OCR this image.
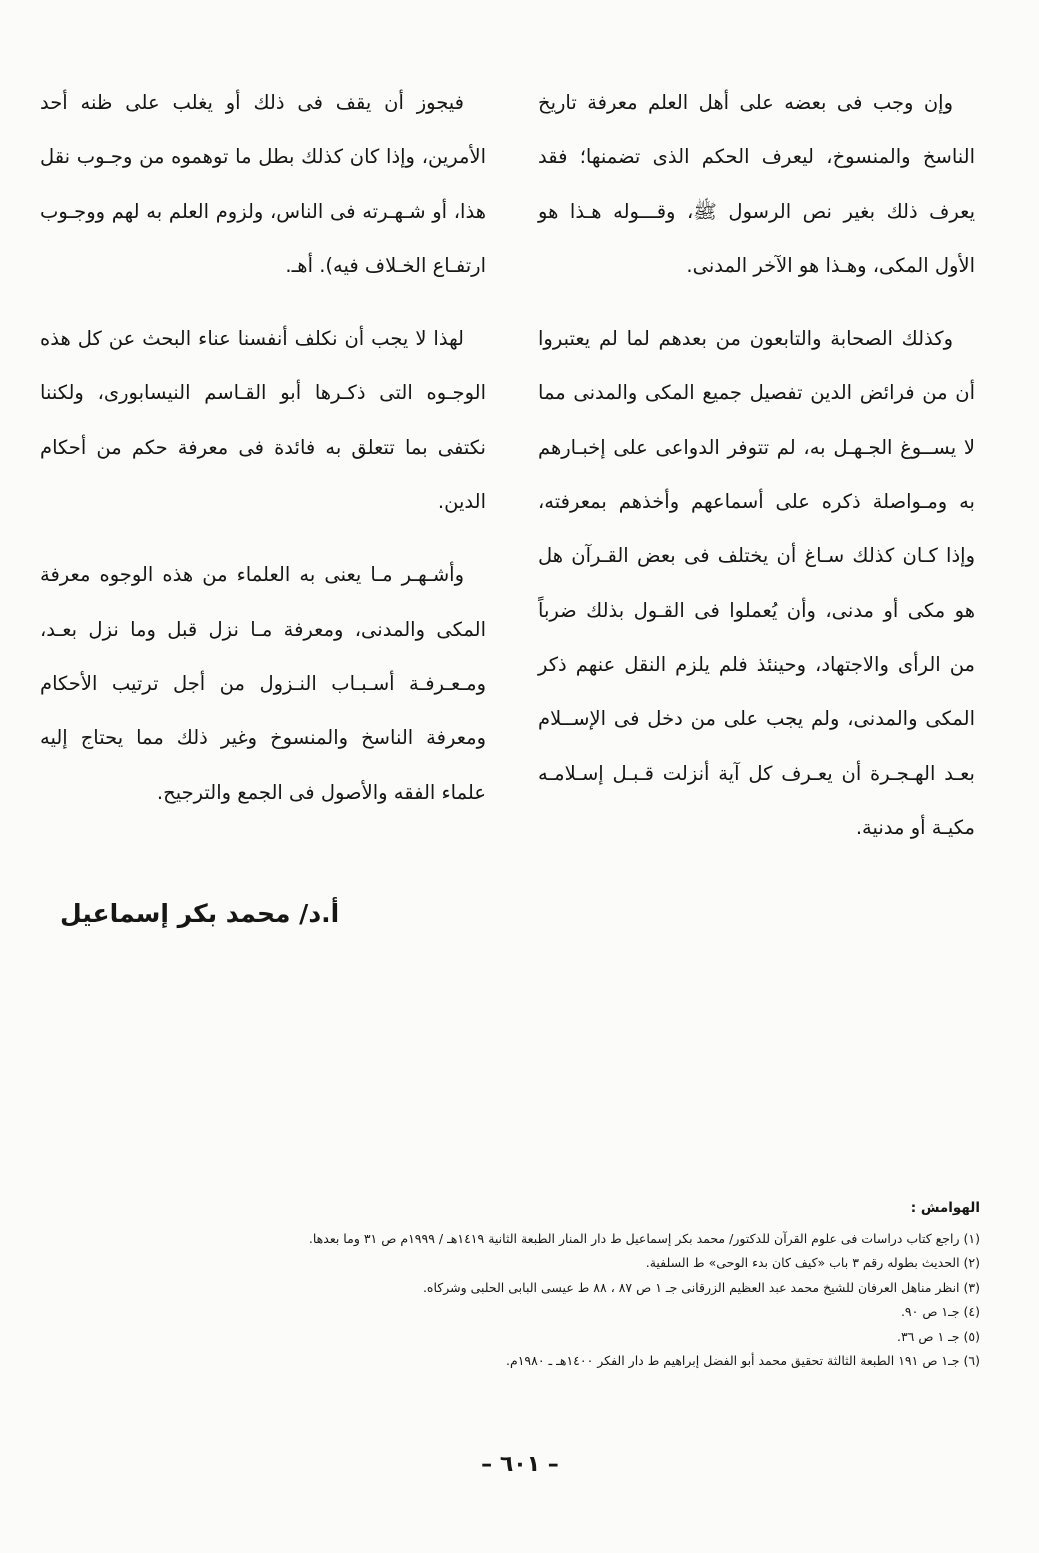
وإن وجب فى بعضه على أهل العلم معرفة تاريخ الناسخ والمنسوخ، ليعرف الحكم الذى تضمنها؛ فقد يعرف ذلك بغير نص الرسول ﷺ، وقـــوله هـذا هو الأول المكى، وهـذا هو الآخر المدنى.

وكذلك الصحابة والتابعون من بعدهم لما لم يعتبروا أن من فرائض الدين تفصيل جميع المكى والمدنى مما لا يســوغ الجـهـل به، لم تتوفر الدواعى على إخبـارهم به ومـواصلة ذكره على أسماعهم وأخذهم بمعرفته، وإذا كـان كذلك سـاغ أن يختلف فى بعض القـرآن هل هو مكى أو مدنى، وأن يُعملوا فى القـول بذلك ضرباً من الرأى والاجتهاد، وحينئذ فلم يلزم النقل عنهم ذكر المكى والمدنى، ولم يجب على من دخل فى الإســلام بعـد الهـجـرة أن يعـرف كل آية أنزلت قـبـل إسـلامـه مكيـة أو مدنية.

فيجوز أن يقف فى ذلك أو يغلب على ظنه أحد الأمرين، وإذا كان كذلك بطل ما توهموه من وجـوب نقل هذا، أو شـهـرته فى الناس، ولزوم العلم به لهم ووجـوب ارتفـاع الخـلاف فيه). أهـ.

لهذا لا يجب أن نكلف أنفسنا عناء البحث عن كل هذه الوجـوه التى ذكـرها أبو القـاسم النيسابورى، ولكننا نكتفى بما تتعلق به فائدة فى معرفة حكم من أحكام الدين.

وأشـهـر مـا يعنى به العلماء من هذه الوجوه معرفة المكى والمدنى، ومعرفة مـا نزل قبل وما نزل بعـد، ومـعـرفـة أسـبـاب النـزول من أجل ترتيب الأحكام ومعرفة الناسخ والمنسوخ وغير ذلك مما يحتاج إليه علماء الفقه والأصول فى الجمع والترجيح.

أ.د/ محمد بكر إسماعيل
الهوامش :

(١) راجع كتاب دراسات فى علوم القرآن للدكتور/ محمد بكر إسماعيل ط دار المنار الطبعة الثانية ١٤١٩هـ / ١٩٩٩م ص ٣١ وما بعدها.

(٢) الحديث بطوله رقم ٣ باب «كيف كان بدء الوحى» ط السلفية.

(٣) انظر مناهل العرفان للشيخ محمد عبد العظيم الزرقانى جـ ١ ص ٨٧ ، ٨٨ ط عيسى البابى الحلبى وشركاه.

(٤) جـ١ ص ٩٠.

(٥) جـ ١ ص ٣٦.

(٦) جـ١ ص ١٩١ الطبعة الثالثة تحقيق محمد أبو الفضل إبراهيم ط دار الفكر ١٤٠٠هـ ـ ١٩٨٠م.

– ٦٠١ –
